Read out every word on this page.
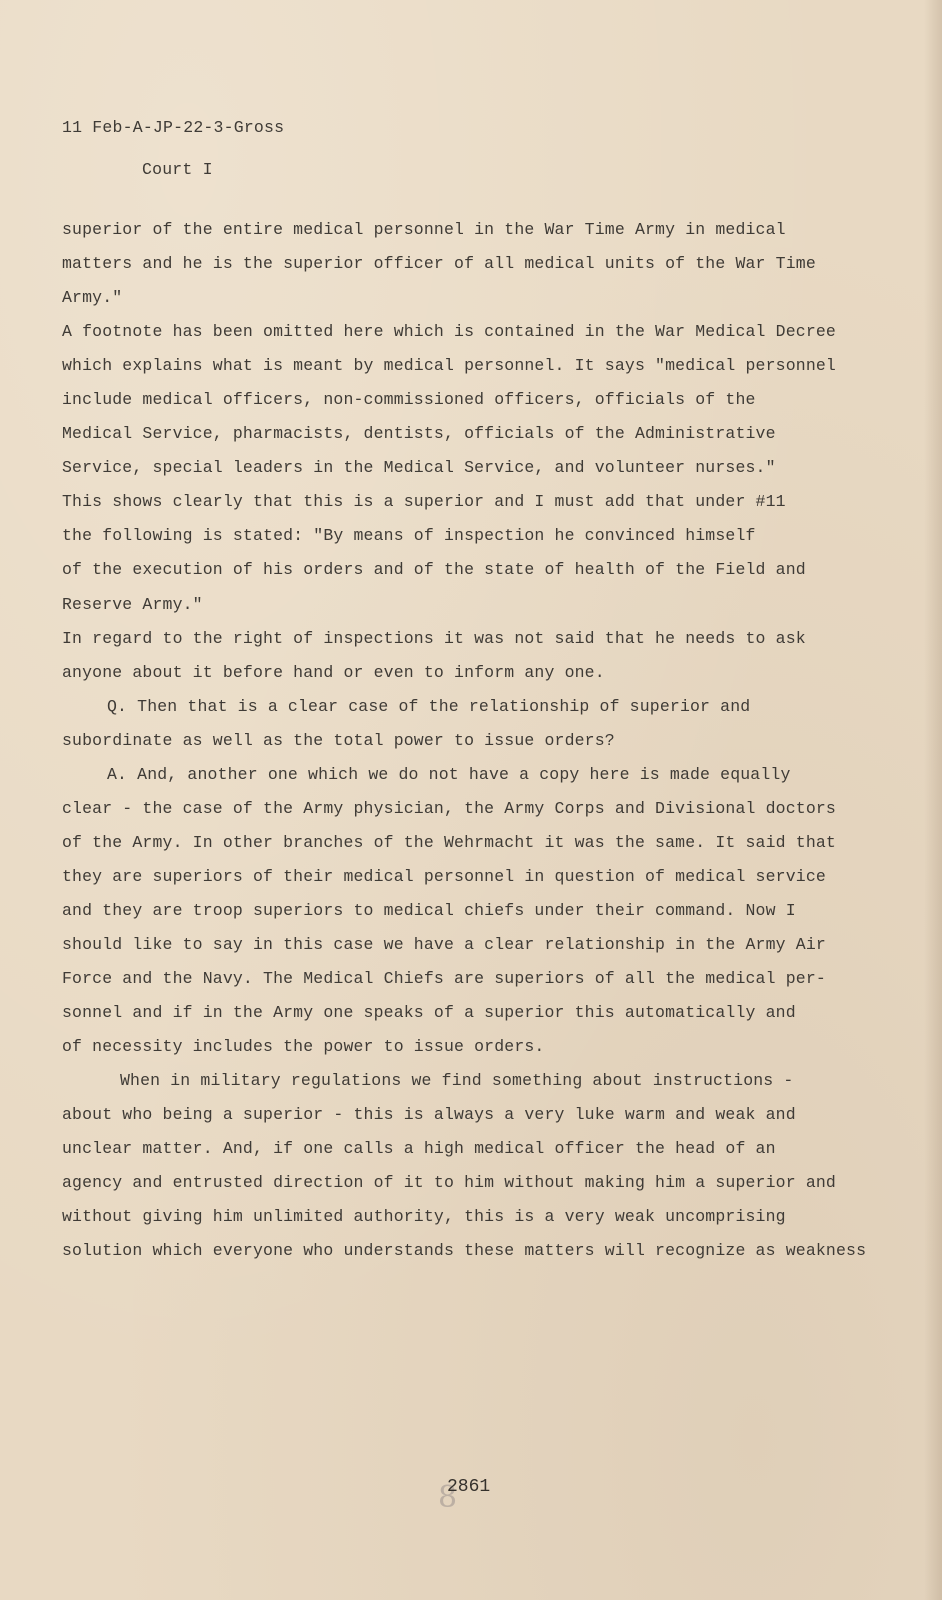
11 Feb-A-JP-22-3-Gross
Court I
superior of the entire medical personnel in the War Time Army in medical
matters and he is the superior officer of all medical units of the War Time
Army."
A footnote has been omitted here which is contained in the War Medical Decree
which explains what is meant by medical personnel. It says "medical personnel
include medical officers, non-commissioned officers, officials of the
Medical Service, pharmacists, dentists, officials of the Administrative
Service, special leaders in the Medical Service, and volunteer nurses."
This shows clearly that this is a superior and I must add that under #11
the following is stated: "By means of inspection he convinced himself
of the execution of his orders and of the state of health of the Field and
Reserve Army."
In regard to the right of inspections it was not said that he needs to ask
anyone about it before hand or even to inform any one.
Q. Then that is a clear case of the relationship of superior and
subordinate as well as the total power to issue orders?
A. And, another one which we do not have a copy here is made equally
clear - the case of the Army physician, the Army Corps and Divisional doctors
of the Army. In other branches of the Wehrmacht it was the same. It said that
they are superiors of their medical personnel in question of medical service
and they are troop superiors to medical chiefs under their command. Now I
should like to say in this case we have a clear relationship in the Army Air
Force and the Navy. The Medical Chiefs are superiors of all the medical per-
sonnel and if in the Army one speaks of a superior this automatically and
of necessity includes the power to issue orders.
When in military regulations we find something about instructions -
about who being a superior - this is always a very luke warm and weak and
unclear matter. And, if one calls a high medical officer the head of an
agency and entrusted direction of it to him without making him a superior and
without giving him unlimited authority, this is a very weak uncomprising
solution which everyone who understands these matters will recognize as weakness
8
2861
